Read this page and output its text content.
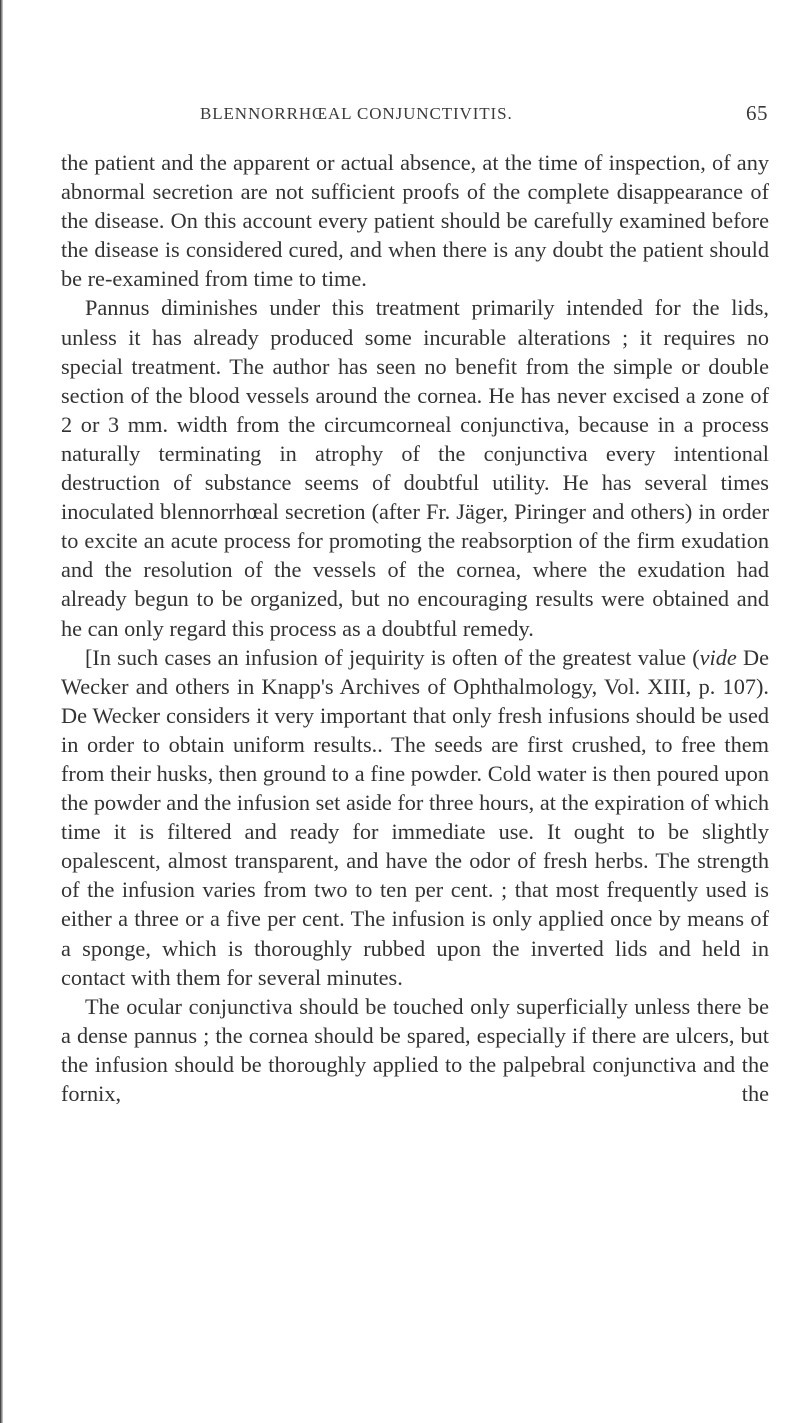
BLENNORRHŒAL CONJUNCTIVITIS.	65

the patient and the apparent or actual absence, at the time of inspection, of any abnormal secretion are not sufficient proofs of the complete disappearance of the disease. On this account every patient should be carefully examined before the disease is considered cured, and when there is any doubt the patient should be re-examined from time to time.

Pannus diminishes under this treatment primarily intended for the lids, unless it has already produced some incurable alterations ; it requires no special treatment. The author has seen no benefit from the simple or double section of the blood vessels around the cornea. He has never excised a zone of 2 or 3 mm. width from the circumcorneal conjunctiva, because in a process naturally terminating in atrophy of the conjunctiva every intentional destruction of substance seems of doubtful utility. He has several times inoculated blennorrhœal secretion (after Fr. Jäger, Piringer and others) in order to excite an acute process for promoting the reabsorption of the firm exudation and the resolution of the vessels of the cornea, where the exudation had already begun to be organized, but no encouraging results were obtained and he can only regard this process as a doubtful remedy.

[In such cases an infusion of jequirity is often of the greatest value (vide De Wecker and others in Knapp's Archives of Ophthalmology, Vol. XIII, p. 107). De Wecker considers it very important that only fresh infusions should be used in order to obtain uniform results.. The seeds are first crushed, to free them from their husks, then ground to a fine powder. Cold water is then poured upon the powder and the infusion set aside for three hours, at the expiration of which time it is filtered and ready for immediate use. It ought to be slightly opalescent, almost transparent, and have the odor of fresh herbs. The strength of the infusion varies from two to ten per cent. ; that most frequently used is either a three or a five per cent. The infusion is only applied once by means of a sponge, which is thoroughly rubbed upon the inverted lids and held in contact with them for several minutes.

The ocular conjunctiva should be touched only superficially unless there be a dense pannus ; the cornea should be spared, especially if there are ulcers, but the infusion should be thoroughly applied to the palpebral conjunctiva and the fornix, the
